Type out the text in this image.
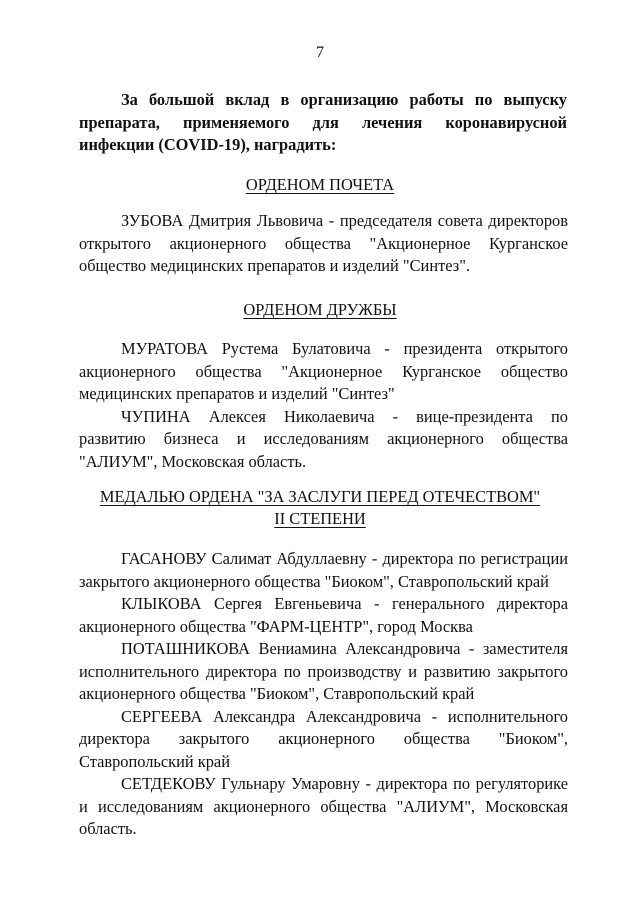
7
За большой вклад в организацию работы по выпуску
препарата, применяемого для лечения коронавирусной инфекции (COVID-19), наградить:
ОРДЕНОМ ПОЧЕТА

ЗУБОВА Дмитрия Львовича - председателя совета директоров открытого акционерного общества "Акционерное Курганское общество медицинских препаратов и изделий "Синтез".

ОРДЕНОМ ДРУЖБЫ

МУРАТОВА Рустема Булатовича - президента открытого акционерного общества "Акционерное Курганское общество медицинских препаратов и изделий "Синтез"

ЧУПИНА Алексея Николаевича - вице-президента по развитию бизнеса и исследованиям акционерного общества "АЛИУМ", Московская область.

МЕДАЛЬЮ ОРДЕНА "ЗА ЗАСЛУГИ ПЕРЕД ОТЕЧЕСТВОМ"
II СТЕПЕНИ

ГАСАНОВУ Салимат Абдуллаевну - директора по регистрации закрытого акционерного общества "Биоком", Ставропольский край

КЛЫКОВА Сергея Евгеньевича - генерального директора акционерного общества "ФАРМ-ЦЕНТР", город Москва

ПОТАШНИКОВА Вениамина Александровича - заместителя исполнительного директора по производству и развитию закрытого акционерного общества "Биоком", Ставропольский край

СЕРГЕЕВА Александра Александровича - исполнительного директора закрытого акционерного общества "Биоком", Ставропольский край

СЕТДЕКОВУ Гульнару Умаровну - директора по регуляторике и исследованиям акционерного общества "АЛИУМ", Московская область.
